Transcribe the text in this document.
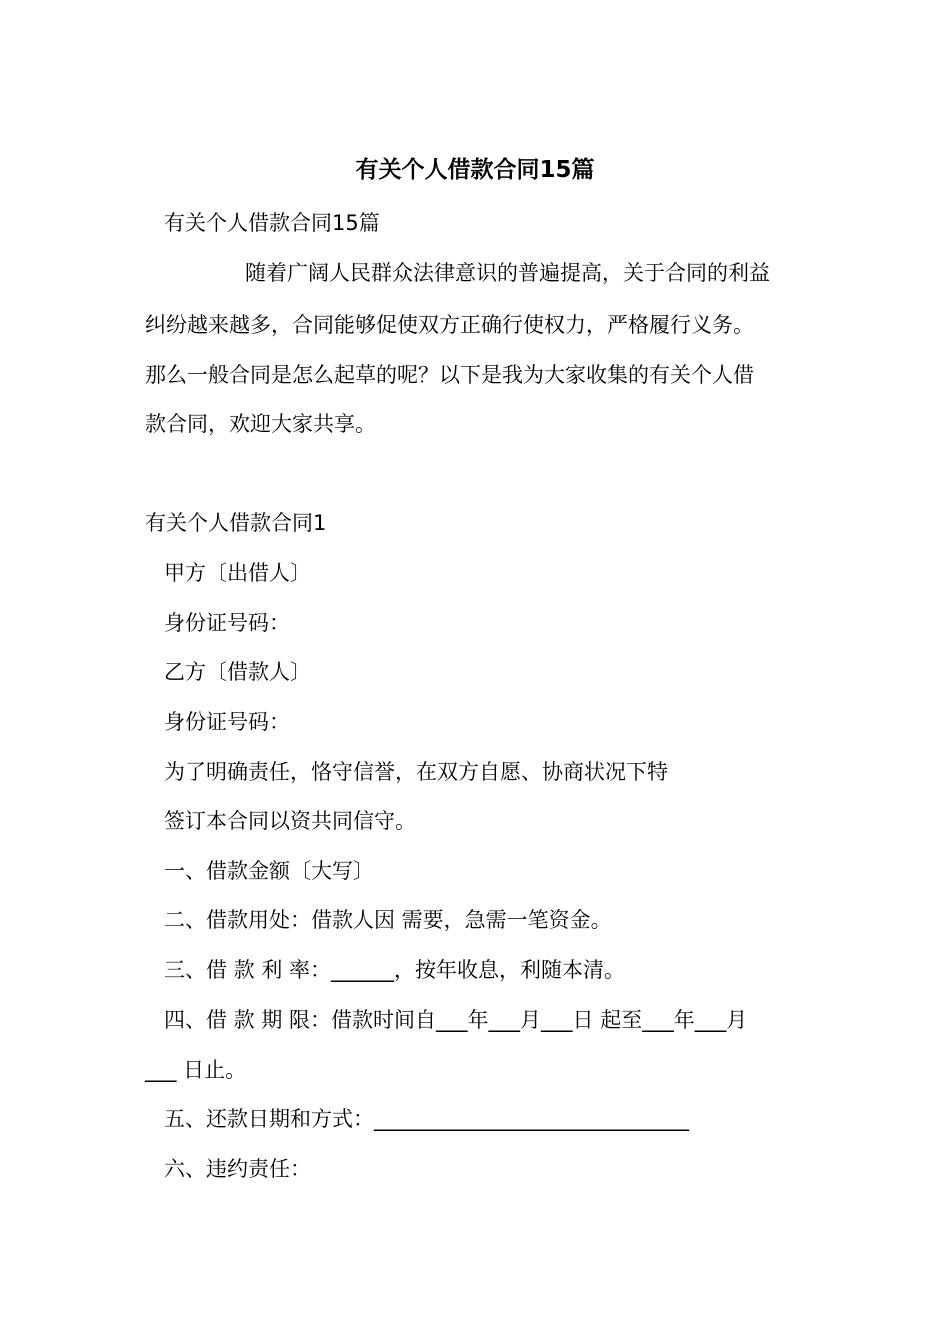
有关个人借款合同15篇
有关个人借款合同15篇
随着广阔人民群众法律意识的普遍提高，关于合同的利益
纠纷越来越多，合同能够促使双方正确行使权力，严格履行义务。
那么一般合同是怎么起草的呢？以下是我为大家收集的有关个人借
款合同，欢迎大家共享。
有关个人借款合同1
甲方〔出借人〕
身份证号码：
乙方〔借款人〕
身份证号码：
为了明确责任，恪守信誉，在双方自愿、协商状况下特
签订本合同以资共同信守。
一、借款金额〔大写〕
二、借款用处：借款人因 需要，急需一笔资金。
三、借 款 利 率：______，按年收息，利随本清。
四、借 款 期 限：借款时间自___年___月___日 起至___年___月
___ 日止。
五、还款日期和方式：______________________________
六、违约责任：
